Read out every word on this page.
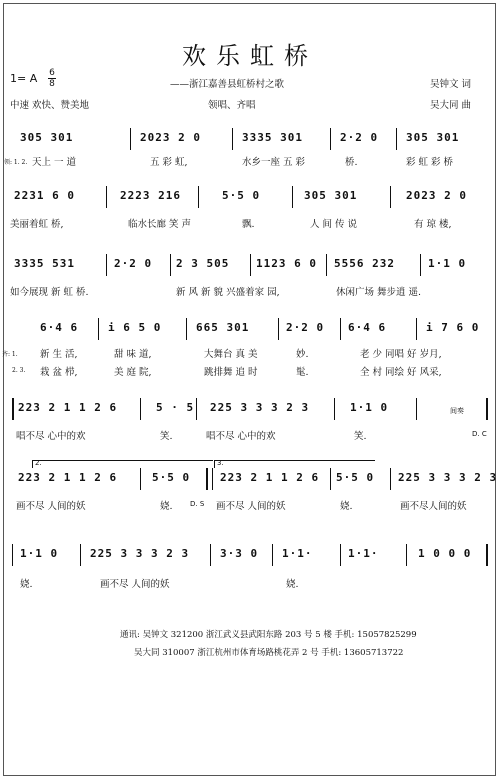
欢乐虹桥
——浙江嘉善县虹桥村之歌
1= A 6
8
中速 欢快、赞美地	领唱、齐唱
吴钟文 词
吴大同 曲
305 301	2023 2 0	3335 301	2·2 0	305 301
领: 1. 2. 天上 一 道	五 彩 虹,	水乡一座 五 彩	桥.	彩 虹 彩 桥
2231 6 0	2223 216	5·5 0	305 301	2023 2 0
美丽着虹 桥,	临水长廊 笑 声	飘.	人 间 传 说	有 琼 楼,
3335 531	2·2 0 2 3 505 1123 6 0 5556 232	1·1 0
如今展现 新 虹 桥.	新 风 新 貌 兴盛着家 园,	休闲广场 舞步逍 遥.
6·4 6	i 6 5 0	665 301	2·2 0 6·4 6	i 7 6 0
齐: 1. 新 生 活,	甜 味 道,	大舞台 真 美	妙.	老 少 同唱 好 岁月,
2. 3. 栽 盆 栉,	美 庭 院,	跳排舞 追 时	髦.	全 村 同绘 好 风采,
223 2 1 1 2 6	5 · 5 225 3 3 3 2 3	1·1 0	间奏
唱不尽 心中的欢	笑.	唱不尽 心中的欢	笑.	D. C
2.	3.
223 2 1 1 2 6	5·5 0	223 2 1 1 2 6 5·5 0 225 3 3 3 2 3
画不尽 人间的妖	娆. D. S 画不尽 人间的妖	娆.	画不尽人间的妖
1·1 0	225 3 3 3 2 3	3·3 0 1·1·	1·1·	1 0 0 0
娆.	画不尽 人间的妖	娆.
通讯: 吴钟文 321200 浙江武义县武阳东路 203 号 5 楼 手机: 15057825299
吴大同 310007 浙江杭州市体育场路桃花弄 2 号 手机: 13605713722
